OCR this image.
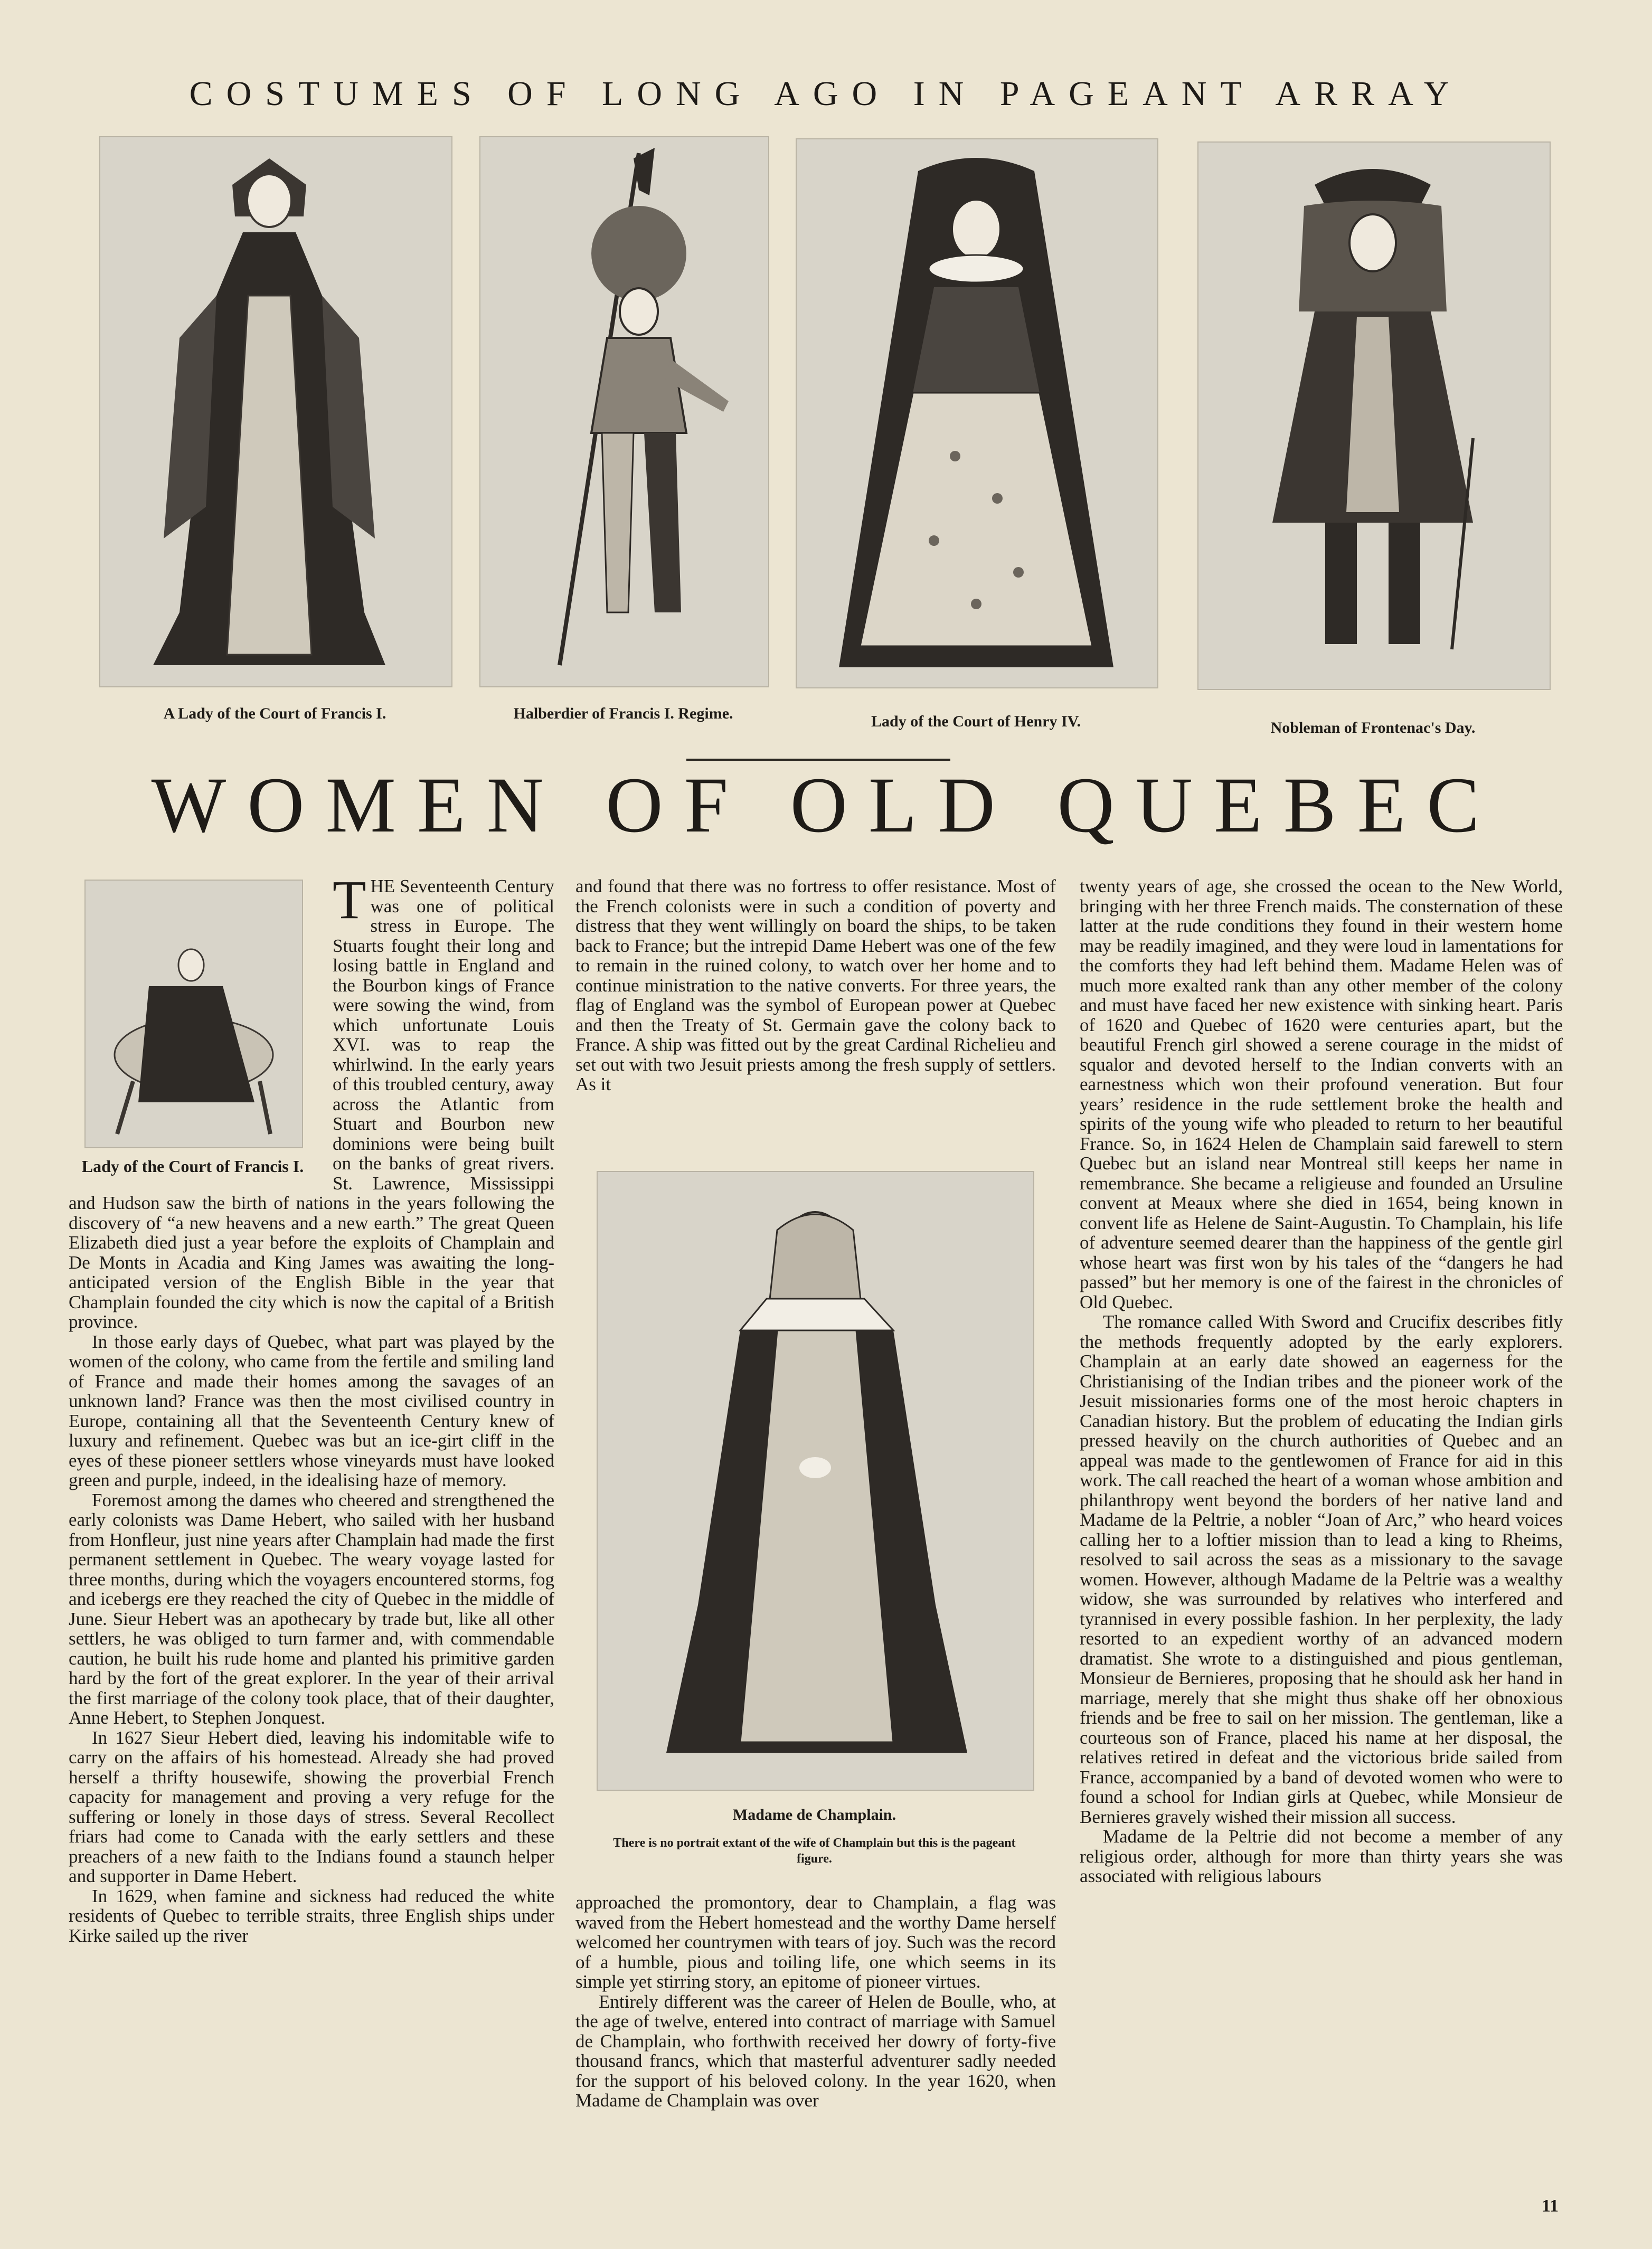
COSTUMES OF LONG AGO IN PAGEANT ARRAY
A Lady of the Court of Francis I.	Halberdier of Francis I. Regime.	Lady of the Court of Henry IV.	Nobleman of Frontenac's Day.
WOMEN OF OLD QUEBEC
Lady of the Court of Francis I.

THE Seventeenth Century was one of political stress in Europe. The Stuarts fought their long and losing battle in England and the Bourbon kings of France were sowing the wind, from which unfortunate Louis XVI. was to reap the whirlwind. In the early years of this troubled century, away across the Atlantic from Stuart and Bourbon new dominions were being built on the banks of great rivers. St. Lawrence, Mississippi and Hudson saw the birth of nations in the years following the discovery of “a new heavens and a new earth.” The great Queen Elizabeth died just a year before the exploits of Champlain and De Monts in Acadia and King James was awaiting the long-anticipated version of the English Bible in the year that Champlain founded the city which is now the capital of a British province.

In those early days of Quebec, what part was played by the women of the colony, who came from the fertile and smiling land of France and made their homes among the savages of an unknown land? France was then the most civilised country in Europe, containing all that the Seventeenth Century knew of luxury and refinement. Quebec was but an ice-girt cliff in the eyes of these pioneer settlers whose vineyards must have looked green and purple, indeed, in the idealising haze of memory.

Foremost among the dames who cheered and strengthened the early colonists was Dame Hebert, who sailed with her husband from Honfleur, just nine years after Champlain had made the first permanent settlement in Quebec. The weary voyage lasted for three months, during which the voyagers encountered storms, fog and icebergs ere they reached the city of Quebec in the middle of June. Sieur Hebert was an apothecary by trade but, like all other settlers, he was obliged to turn farmer and, with commendable caution, he built his rude home and planted his primitive garden hard by the fort of the great explorer. In the year of their arrival the first marriage of the colony took place, that of their daughter, Anne Hebert, to Stephen Jonquest.

In 1627 Sieur Hebert died, leaving his indomitable wife to carry on the affairs of his homestead. Already she had proved herself a thrifty housewife, showing the proverbial French capacity for management and proving a very refuge for the suffering or lonely in those days of stress. Several Recollect friars had come to Canada with the early settlers and these preachers of a new faith to the Indians found a staunch helper and supporter in Dame Hebert.

In 1629, when famine and sickness had reduced the white residents of Quebec to terrible straits, three English ships under Kirke sailed up the river

and found that there was no fortress to offer resistance. Most of the French colonists were in such a condition of poverty and distress that they went willingly on board the ships, to be taken back to France; but the intrepid Dame Hebert was one of the few to remain in the ruined colony, to watch over her home and to continue ministration to the native converts. For three years, the flag of England was the symbol of European power at Quebec and then the Treaty of St. Germain gave the colony back to France. A ship was fitted out by the great Cardinal Richelieu and set out with two Jesuit priests among the fresh supply of settlers. As it

Madame de Champlain.
There is no portrait extant of the wife of Champlain but this is the pageant figure.

approached the promontory, dear to Champlain, a flag was waved from the Hebert homestead and the worthy Dame herself welcomed her countrymen with tears of joy. Such was the record of a humble, pious and toiling life, one which seems in its simple yet stirring story, an epitome of pioneer virtues.

Entirely different was the career of Helen de Boulle, who, at the age of twelve, entered into contract of marriage with Samuel de Champlain, who forthwith received her dowry of forty-five thousand francs, which that masterful adventurer sadly needed for the support of his beloved colony. In the year 1620, when Madame de Champlain was over

twenty years of age, she crossed the ocean to the New World, bringing with her three French maids. The consternation of these latter at the rude conditions they found in their western home may be readily imagined, and they were loud in lamentations for the comforts they had left behind them. Madame Helen was of much more exalted rank than any other member of the colony and must have faced her new existence with sinking heart. Paris of 1620 and Quebec of 1620 were centuries apart, but the beautiful French girl showed a serene courage in the midst of squalor and devoted herself to the Indian converts with an earnestness which won their profound veneration. But four years’ residence in the rude settlement broke the health and spirits of the young wife who pleaded to return to her beautiful France. So, in 1624 Helen de Champlain said farewell to stern Quebec but an island near Montreal still keeps her name in remembrance. She became a religieuse and founded an Ursuline convent at Meaux where she died in 1654, being known in convent life as Helene de Saint-Augustin. To Champlain, his life of adventure seemed dearer than the happiness of the gentle girl whose heart was first won by his tales of the “dangers he had passed” but her memory is one of the fairest in the chronicles of Old Quebec.

The romance called With Sword and Crucifix describes fitly the methods frequently adopted by the early explorers. Champlain at an early date showed an eagerness for the Christianising of the Indian tribes and the pioneer work of the Jesuit missionaries forms one of the most heroic chapters in Canadian history. But the problem of educating the Indian girls pressed heavily on the church authorities of Quebec and an appeal was made to the gentlewomen of France for aid in this work. The call reached the heart of a woman whose ambition and philanthropy went beyond the borders of her native land and Madame de la Peltrie, a nobler “Joan of Arc,” who heard voices calling her to a loftier mission than to lead a king to Rheims, resolved to sail across the seas as a missionary to the savage women. However, although Madame de la Peltrie was a wealthy widow, she was surrounded by relatives who interfered and tyrannised in every possible fashion. In her perplexity, the lady resorted to an expedient worthy of an advanced modern dramatist. She wrote to a distinguished and pious gentleman, Monsieur de Bernieres, proposing that he should ask her hand in marriage, merely that she might thus shake off her obnoxious friends and be free to sail on her mission. The gentleman, like a courteous son of France, placed his name at her disposal, the relatives retired in defeat and the victorious bride sailed from France, accompanied by a band of devoted women who were to found a school for Indian girls at Quebec, while Monsieur de Bernieres gravely wished their mission all success.

Madame de la Peltrie did not become a member of any religious order, although for more than thirty years she was associated with religious labours

11
